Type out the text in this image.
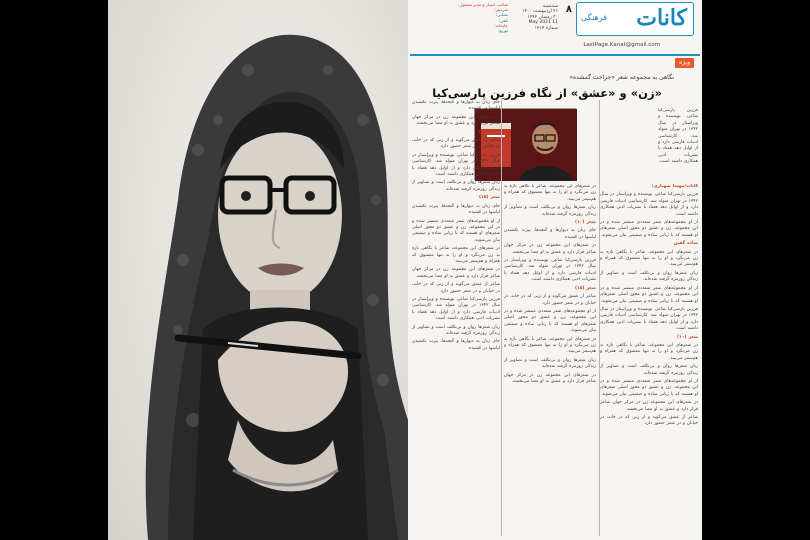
کانات
فرهنگی
۸
سه‌شنبه
۲۱ اردیبهشت ۱۴۰۰
۳۰ رمضان ۱۴۴۲
11 May 2021
شماره ۱۲۱۴
LastPage.Kanat@gmail.com
صاحب امتیاز و مدیر مسئول:
سردبیر:
نشانی:
تلفن:
چاپخانه:
توزیع:
ویژه
نگاهی به مجموعه شعر «جراحت گمشده»
«زن» و «عشق» از نگاه فرزین پارسی‌کیا

فرزین پارسی‌کیا شاعر، نویسنده و ویراستار در سال ۱۳۴۲ در تهران متولد شد. کارشناسی ادبیات فارسی دارد و از اوایل دهه هفتاد با نشریات ادبی همکاری داشته است.

کانات/مهسا شهبازی:

فرزین پارسی‌کیا شاعر، نویسنده و ویراستار در سال ۱۳۴۲ در تهران متولد شد. کارشناسی ادبیات فارسی دارد و از اوایل دهه هفتاد با نشریات ادبی همکاری داشته است.

از او مجموعه‌های شعر متعددی منتشر شده و در این مجموعه، زن و عشق دو محور اصلی شعرهای او هستند که با زبانی ساده و صمیمی بیان می‌شوند.

ساده گفتن

در شعرهای این مجموعه، شاعر با نگاهی تازه به زن می‌نگرد و او را نه تنها معشوق که همراه و هم‌سفر می‌بیند.

زبان شعرها روان و بی‌تکلف است و تصاویر از زندگی روزمره گرفته شده‌اند.

از او مجموعه‌های شعر متعددی منتشر شده و در این مجموعه، زن و عشق دو محور اصلی شعرهای او هستند که با زبانی ساده و صمیمی بیان می‌شوند.

فرزین پارسی‌کیا شاعر، نویسنده و ویراستار در سال ۱۳۴۲ در تهران متولد شد. کارشناسی ادبیات فارسی دارد و از اوایل دهه هفتاد با نشریات ادبی همکاری داشته است.

شعر (۱۰)

در شعرهای این مجموعه، شاعر با نگاهی تازه به زن می‌نگرد و او را نه تنها معشوق که همراه و هم‌سفر می‌بیند.

زبان شعرها روان و بی‌تکلف است و تصاویر از زندگی روزمره گرفته شده‌اند.

از او مجموعه‌های شعر متعددی منتشر شده و در این مجموعه، زن و عشق دو محور اصلی شعرهای او هستند که با زبانی ساده و صمیمی بیان می‌شوند.

در شعرهای این مجموعه زن در مرکز جهان شاعر قرار دارد و عشق به او معنا می‌بخشد.

شاعر از عشق می‌گوید و از زنی که در خانه، در خیابان و در شعر حضور دارد.

در شعرهای این مجموعه، شاعر با نگاهی تازه به زن می‌نگرد و او را نه تنها معشوق که همراه و هم‌سفر می‌بیند.

زبان شعرها روان و بی‌تکلف است و تصاویر از زندگی روزمره گرفته شده‌اند.

شعر (۱۰)

جای زنان به دیوارها و گنجه‌ها، پیرت تکشیدن لباسها در کشیده.

در شعرهای این مجموعه زن در مرکز جهان شاعر قرار دارد و عشق به او معنا می‌بخشد.

فرزین پارسی‌کیا شاعر، نویسنده و ویراستار در سال ۱۳۴۲ در تهران متولد شد. کارشناسی ادبیات فارسی دارد و از اوایل دهه هفتاد با نشریات ادبی همکاری داشته است.

شعر (۱۵)

شاعر از عشق می‌گوید و از زنی که در خانه، در خیابان و در شعر حضور دارد.

از او مجموعه‌های شعر متعددی منتشر شده و در این مجموعه، زن و عشق دو محور اصلی شعرهای او هستند که با زبانی ساده و صمیمی بیان می‌شوند.

در شعرهای این مجموعه، شاعر با نگاهی تازه به زن می‌نگرد و او را نه تنها معشوق که همراه و هم‌سفر می‌بیند.

زبان شعرها روان و بی‌تکلف است و تصاویر از زندگی روزمره گرفته شده‌اند.

در شعرهای این مجموعه زن در مرکز جهان شاعر قرار دارد و عشق به او معنا می‌بخشد.

جای زنان به دیوارها و گنجه‌ها، پیرت تکشیدن لباسها در کشیده.

در شعرهای این مجموعه زن در مرکز جهان شاعر قرار دارد و عشق به او معنا می‌بخشد.

شعر (۱۰)

شاعر از عشق می‌گوید و از زنی که در خانه، در خیابان و در شعر حضور دارد.

فرزین پارسی‌کیا شاعر، نویسنده و ویراستار در سال ۱۳۴۲ در تهران متولد شد. کارشناسی ادبیات فارسی دارد و از اوایل دهه هفتاد با نشریات ادبی همکاری داشته است.

زبان شعرها روان و بی‌تکلف است و تصاویر از زندگی روزمره گرفته شده‌اند.

شعر (۱۵)

جای زنان به دیوارها و گنجه‌ها، پیرت تکشیدن لباسها در کشیده.

از او مجموعه‌های شعر متعددی منتشر شده و در این مجموعه، زن و عشق دو محور اصلی شعرهای او هستند که با زبانی ساده و صمیمی بیان می‌شوند.

در شعرهای این مجموعه، شاعر با نگاهی تازه به زن می‌نگرد و او را نه تنها معشوق که همراه و هم‌سفر می‌بیند.

در شعرهای این مجموعه زن در مرکز جهان شاعر قرار دارد و عشق به او معنا می‌بخشد.

شاعر از عشق می‌گوید و از زنی که در خانه، در خیابان و در شعر حضور دارد.

فرزین پارسی‌کیا شاعر، نویسنده و ویراستار در سال ۱۳۴۲ در تهران متولد شد. کارشناسی ادبیات فارسی دارد و از اوایل دهه هفتاد با نشریات ادبی همکاری داشته است.

زبان شعرها روان و بی‌تکلف است و تصاویر از زندگی روزمره گرفته شده‌اند.

جای زنان به دیوارها و گنجه‌ها، پیرت تکشیدن لباسها در کشیده.
